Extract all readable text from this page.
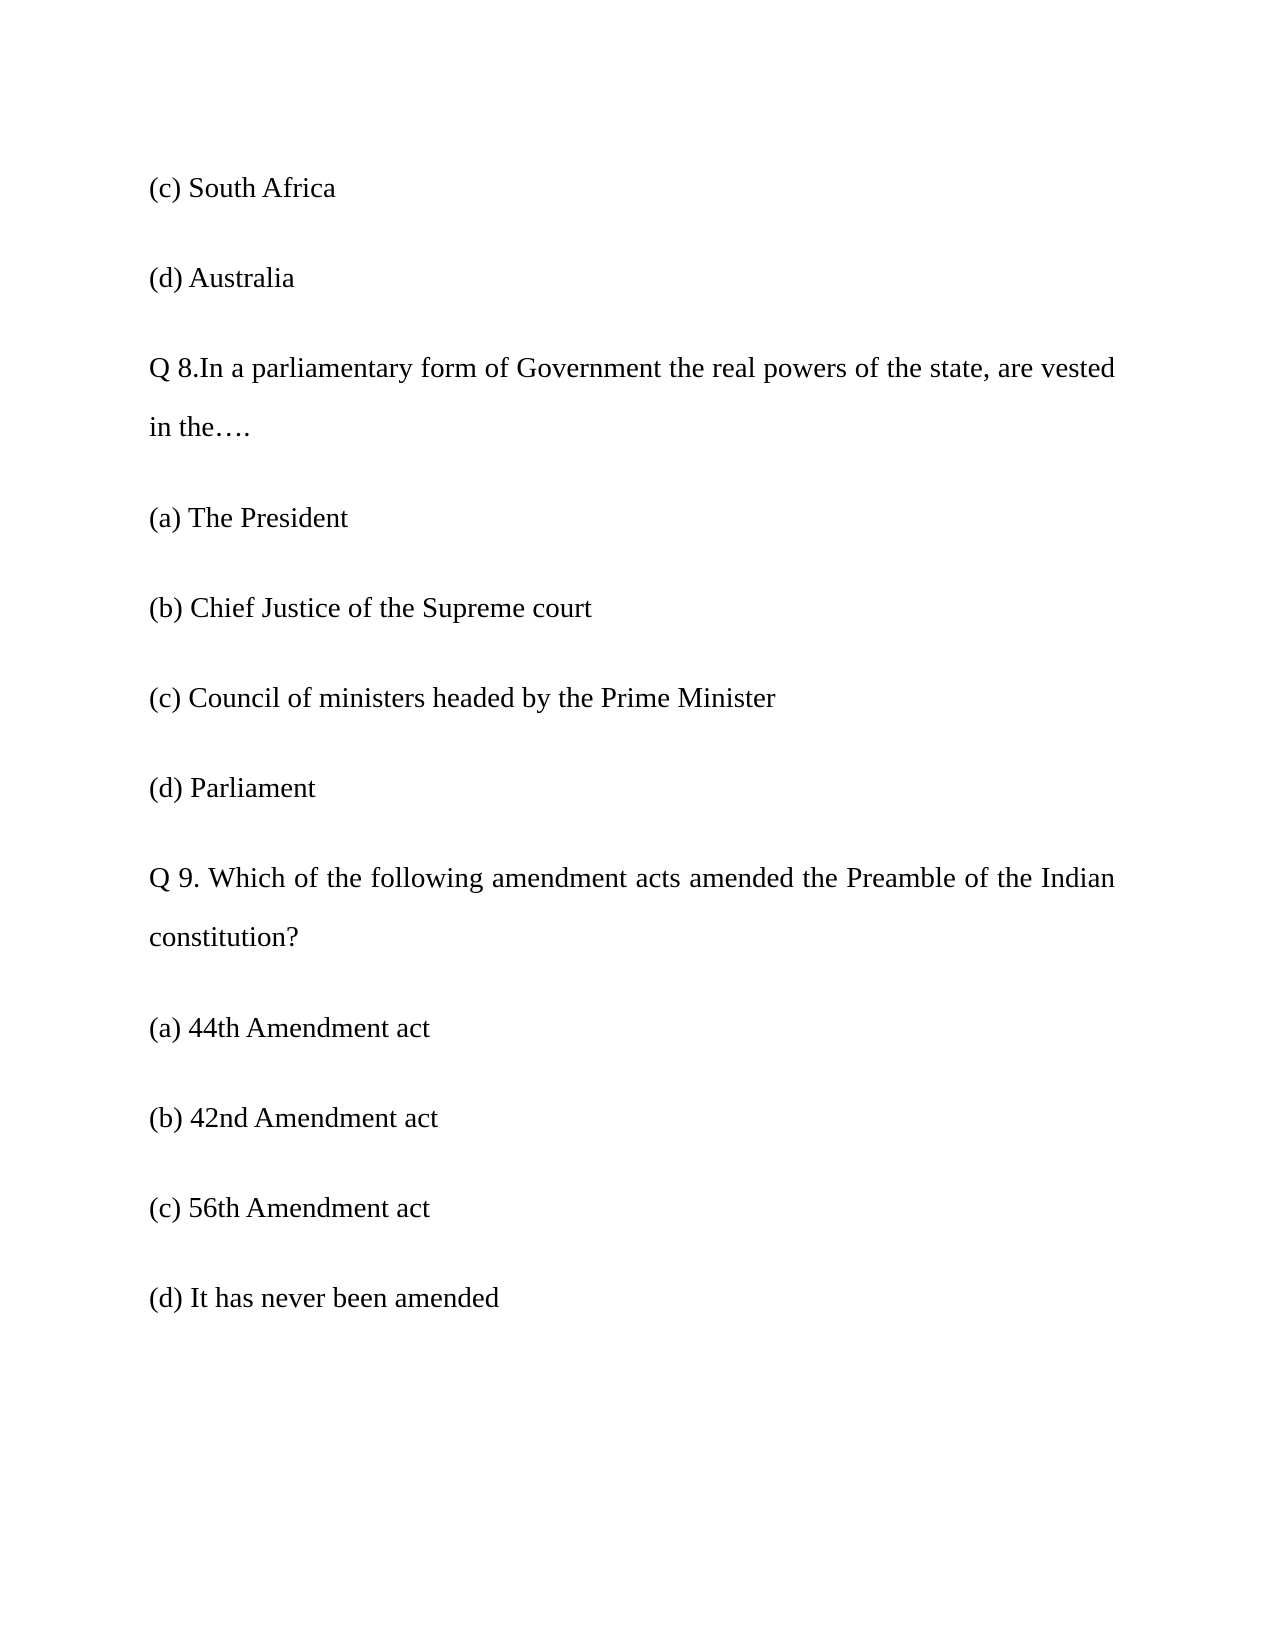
(c) South Africa
(d) Australia
Q 8.In a parliamentary form of Government the real powers of the state, are vested
in the….
(a) The President
(b) Chief Justice of the Supreme court
(c) Council of ministers headed by the Prime Minister
(d) Parliament
Q 9. Which of the following amendment acts amended the Preamble of the Indian
constitution?
(a) 44th Amendment act
(b) 42nd Amendment act
(c) 56th Amendment act
(d) It has never been amended
